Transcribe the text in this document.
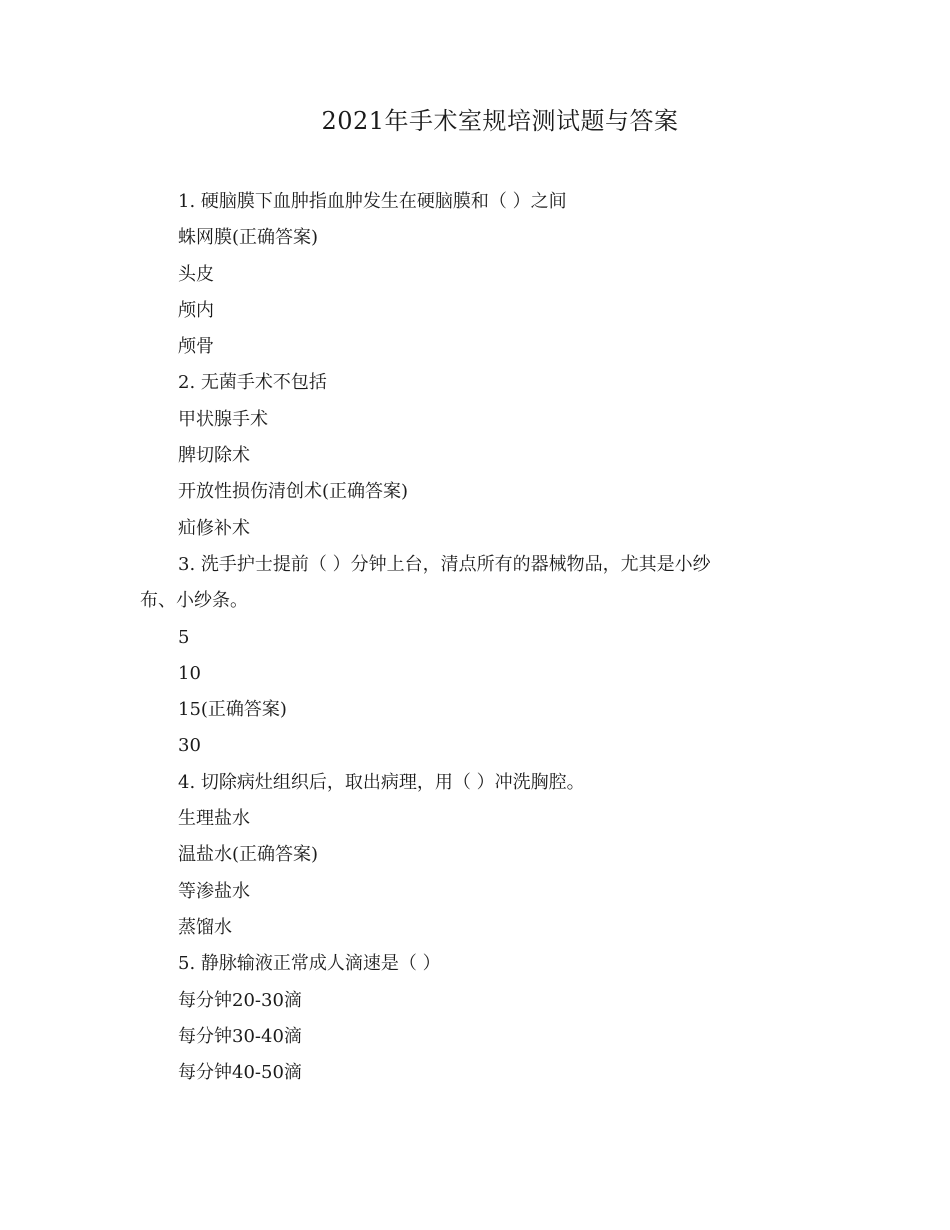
2021年手术室规培测试题与答案
1. 硬脑膜下血肿指血肿发生在硬脑膜和（ ）之间
蛛网膜(正确答案)
头皮
颅内
颅骨
2. 无菌手术不包括
甲状腺手术
脾切除术
开放性损伤清创术(正确答案)
疝修补术
3. 洗手护士提前（ ）分钟上台，清点所有的器械物品，尤其是小纱
布、小纱条。
5
10
15(正确答案)
30
4. 切除病灶组织后，取出病理，用（ ）冲洗胸腔。
生理盐水
温盐水(正确答案)
等渗盐水
蒸馏水
5. 静脉输液正常成人滴速是（ ）
每分钟20-30滴
每分钟30-40滴
每分钟40-50滴
